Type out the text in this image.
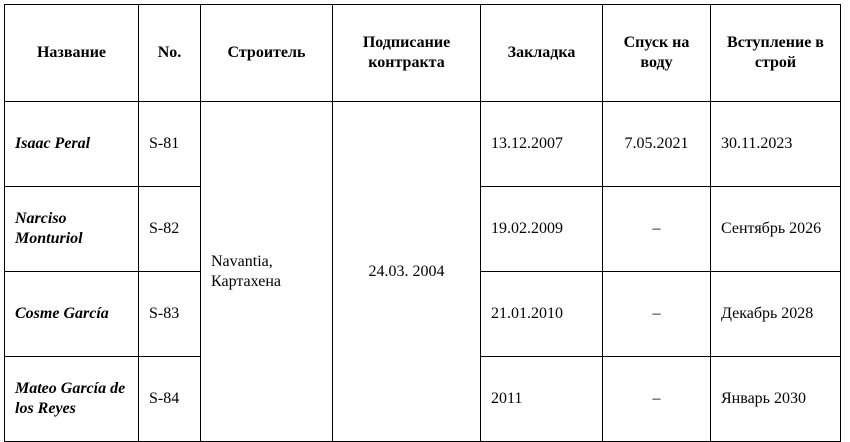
Название	No.	Строитель	Подписание контракта	Закладка	Спуск на воду	Вступление в строй
Isaac Peral	S-81	Navantia, Картахена	24.03. 2004	13.12.2007	7.05.2021	30.11.2023
Narciso Monturiol	S-82			19.02.2009	–	Сентябрь 2026
Cosme García	S-83			21.01.2010	–	Декабрь 2028
Mateo García de los Reyes	S-84			2011	–	Январь 2030
